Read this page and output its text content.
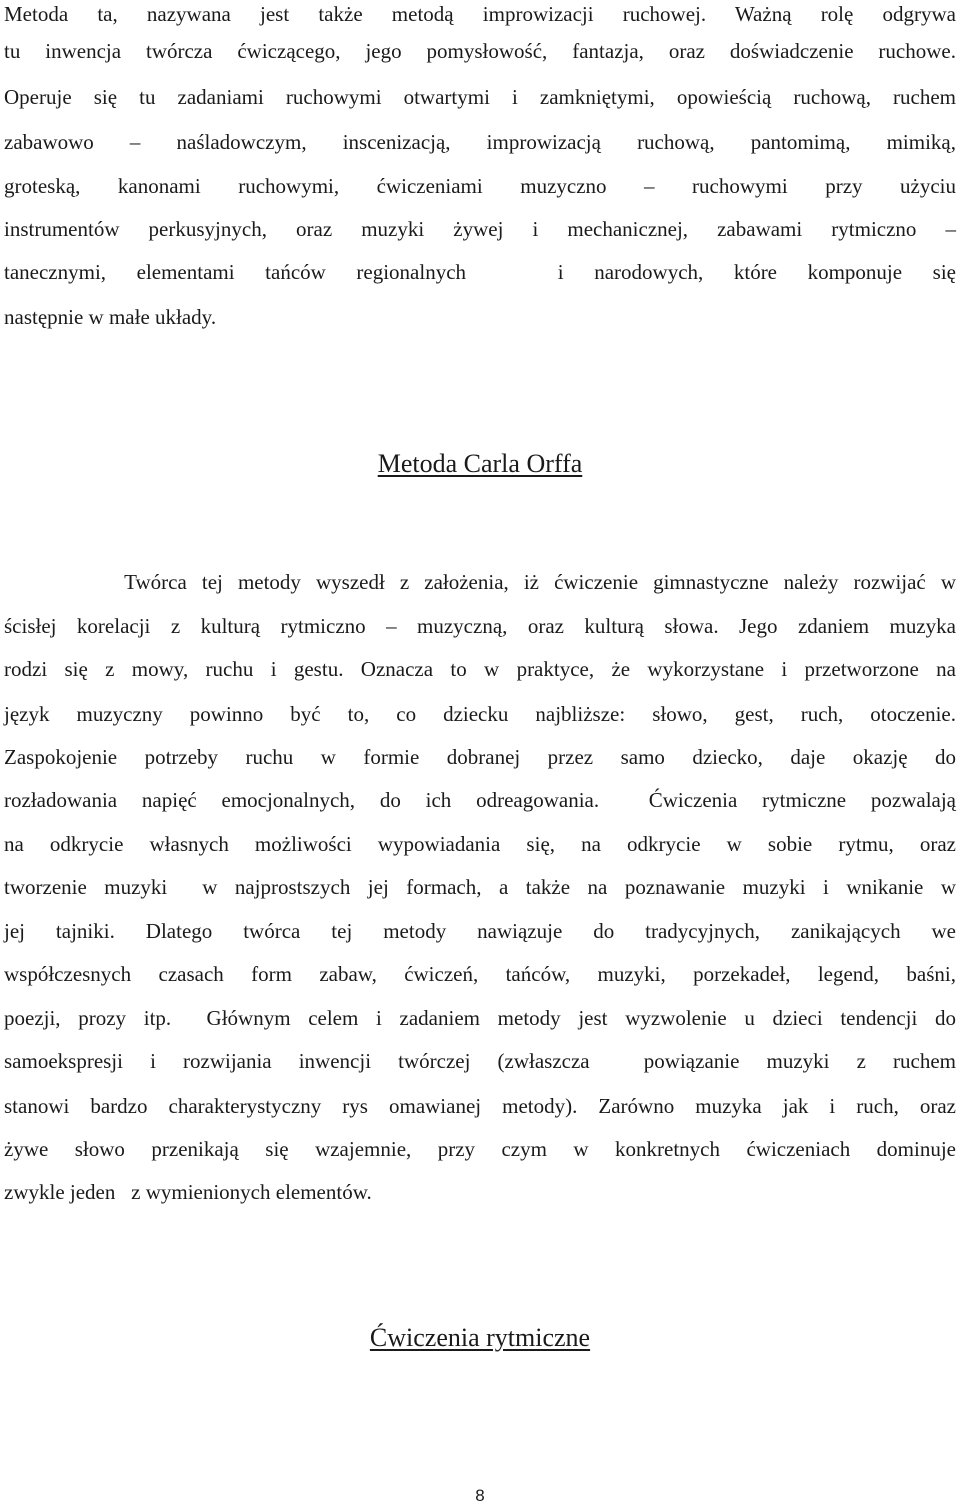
Metoda ta, nazywana jest także metodą improwizacji ruchowej. Ważną rolę odgrywa
tu inwencja twórcza ćwiczącego, jego pomysłowość, fantazja, oraz doświadczenie ruchowe.
Operuje się tu zadaniami ruchowymi otwartymi i zamkniętymi, opowieścią ruchową, ruchem
zabawowo – naśladowczym, inscenizacją, improwizacją ruchową, pantomimą, mimiką,
groteską, kanonami ruchowymi, ćwiczeniami muzyczno – ruchowymi przy użyciu
instrumentów perkusyjnych, oraz muzyki żywej i mechanicznej, zabawami rytmiczno –
tanecznymi, elementami tańców regionalnych   i narodowych, które komponuje się
następnie w małe układy.
Metoda Carla Orffa
Twórca tej metody wyszedł z założenia, iż ćwiczenie gimnastyczne należy rozwijać w
ścisłej korelacji z kulturą rytmiczno – muzyczną, oraz kulturą słowa. Jego zdaniem muzyka
rodzi się z mowy, ruchu i gestu. Oznacza to w praktyce, że wykorzystane i przetworzone na
język muzyczny powinno być to, co dziecku najbliższe: słowo, gest, ruch, otoczenie.
Zaspokojenie potrzeby ruchu w formie dobranej przez samo dziecko, daje okazję do
rozładowania napięć emocjonalnych, do ich odreagowania.  Ćwiczenia rytmiczne pozwalają
na odkrycie własnych możliwości wypowiadania się, na odkrycie w sobie rytmu, oraz
tworzenie muzyki  w najprostszych jej formach, a także na poznawanie muzyki i wnikanie w
jej tajniki. Dlatego twórca tej metody nawiązuje do tradycyjnych, zanikających we
współczesnych czasach form zabaw, ćwiczeń, tańców, muzyki, porzekadeł, legend, baśni,
poezji, prozy itp.  Głównym celem i zadaniem metody jest wyzwolenie u dzieci tendencji do
samoekspresji i rozwijania inwencji twórczej (zwłaszcza  powiązanie muzyki z ruchem
stanowi bardzo charakterystyczny rys omawianej metody). Zarówno muzyka jak i ruch, oraz
żywe słowo przenikają się wzajemnie, przy czym w konkretnych ćwiczeniach dominuje
zwykle jeden   z wymienionych elementów.
Ćwiczenia rytmiczne
8
